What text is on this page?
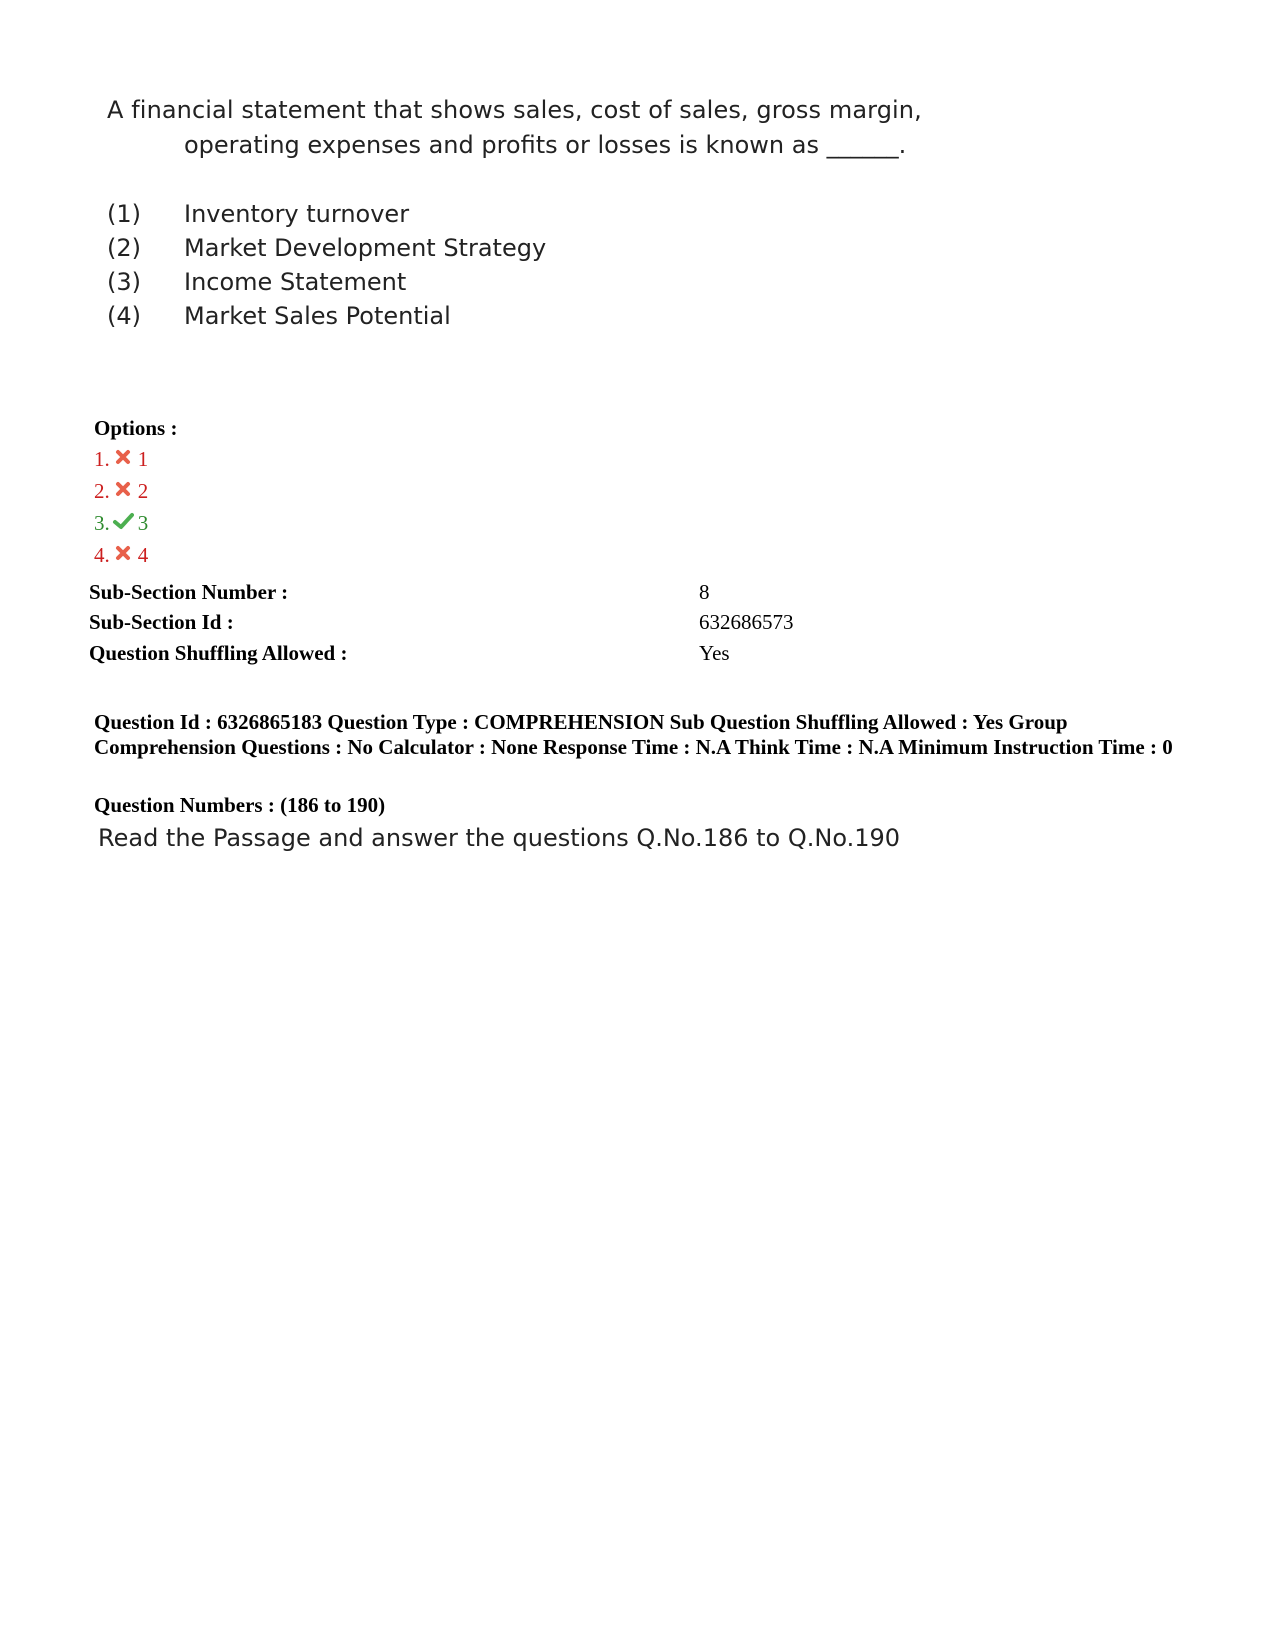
A financial statement that shows sales, cost of sales, gross margin,
operating expenses and profits or losses is known as ______.
(1) Inventory turnover
(2) Market Development Strategy
(3) Income Statement
(4) Market Sales Potential
Options :
1. 1
2. 2
3. 3
4. 4
Sub-Section Number :	8
Sub-Section Id :	632686573
Question Shuffling Allowed :	Yes
Question Id : 6326865183 Question Type : COMPREHENSION Sub Question Shuffling Allowed : Yes Group Comprehension Questions : No Calculator : None Response Time : N.A Think Time : N.A Minimum Instruction Time : 0
Question Numbers : (186 to 190)
Read the Passage and answer the questions Q.No.186 to Q.No.190
